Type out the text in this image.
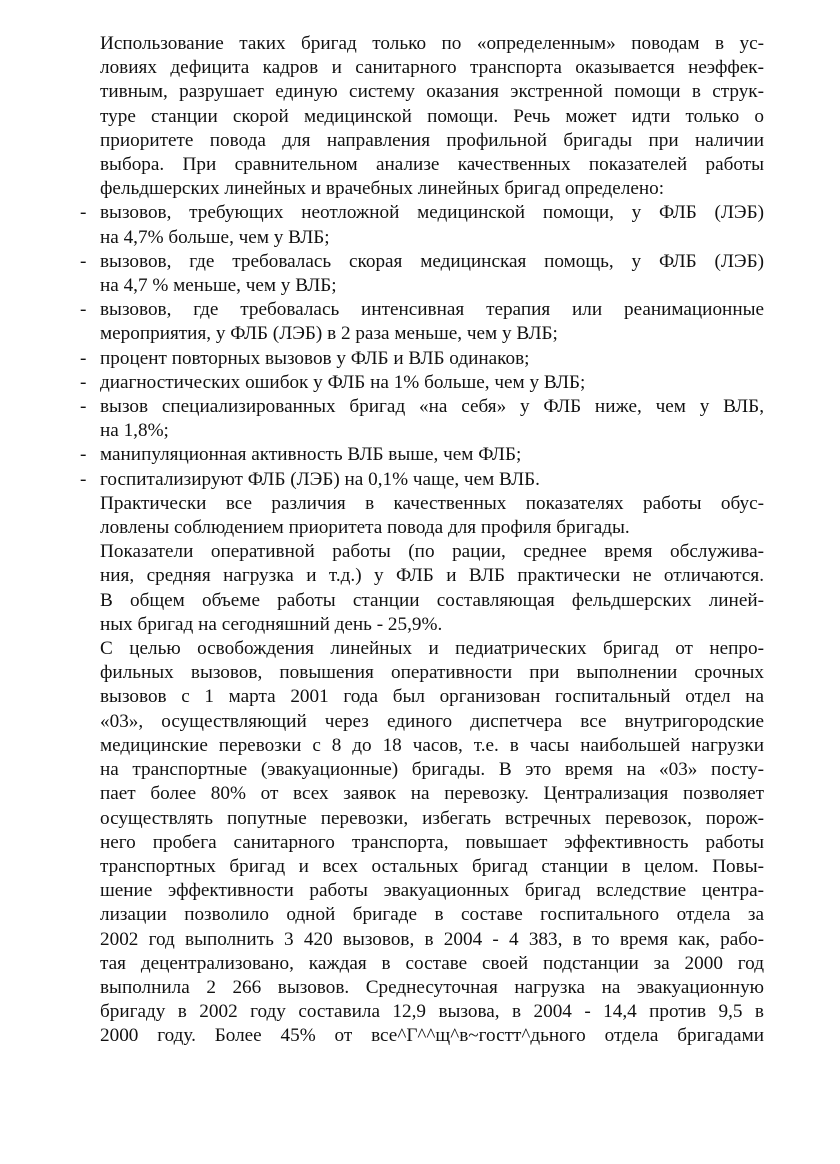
Использование таких бригад только по «определенным» поводам в ус-
ловиях дефицита кадров и санитарного транспорта оказывается неэффек-
тивным, разрушает единую систему оказания экстренной помощи в струк-
туре станции скорой медицинской помощи. Речь может идти только о
приоритете повода для направления профильной бригады при наличии
выбора. При сравнительном анализе качественных показателей работы
фельдшерских линейных и врачебных линейных бригад определено:
- вызовов, требующих неотложной медицинской помощи, у ФЛБ (ЛЭБ)
на 4,7% больше, чем у ВЛБ;
- вызовов, где требовалась скорая медицинская помощь, у ФЛБ (ЛЭБ)
на 4,7 % меньше, чем у ВЛБ;
- вызовов, где требовалась интенсивная терапия или реанимационные
мероприятия, у ФЛБ (ЛЭБ) в 2 раза меньше, чем у ВЛБ;
- процент повторных вызовов у ФЛБ и ВЛБ одинаков;
- диагностических ошибок у ФЛБ на 1% больше, чем у ВЛБ;
- вызов специализированных бригад «на себя» у ФЛБ ниже, чем у ВЛБ,
на 1,8%;
- манипуляционная активность ВЛБ выше, чем ФЛБ;
- госпитализируют ФЛБ (ЛЭБ) на 0,1% чаще, чем ВЛБ.
Практически все различия в качественных показателях работы обус-
ловлены соблюдением приоритета повода для профиля бригады.
Показатели оперативной работы (по рации, среднее время обслужива-
ния, средняя нагрузка и т.д.) у ФЛБ и ВЛБ практически не отличаются.
В общем объеме работы станции составляющая фельдшерских линей-
ных бригад на сегодняшний день - 25,9%.
С целью освобождения линейных и педиатрических бригад от непро-
фильных вызовов, повышения оперативности при выполнении срочных
вызовов с 1 марта 2001 года был организован госпитальный отдел на
«03», осуществляющий через единого диспетчера все внутригородские
медицинские перевозки с 8 до 18 часов, т.е. в часы наибольшей нагрузки
на транспортные (эвакуационные) бригады. В это время на «03» посту-
пает более 80% от всех заявок на перевозку. Централизация позволяет
осуществлять попутные перевозки, избегать встречных перевозок, порож-
него пробега санитарного транспорта, повышает эффективность работы
транспортных бригад и всех остальных бригад станции в целом. Повы-
шение эффективности работы эвакуационных бригад вследствие центра-
лизации позволило одной бригаде в составе госпитального отдела за
2002 год выполнить 3 420 вызовов, в 2004 - 4 383, в то время как, рабо-
тая децентрализовано, каждая в составе своей подстанции за 2000 год
выполнила 2 266 вызовов. Среднесуточная нагрузка на эвакуационную
бригаду в 2002 году составила 12,9 вызова, в 2004 - 14,4 против 9,5 в
2000 году. Более 45% от все^Г^^щ^в~гостт^дьного отдела бригадами
